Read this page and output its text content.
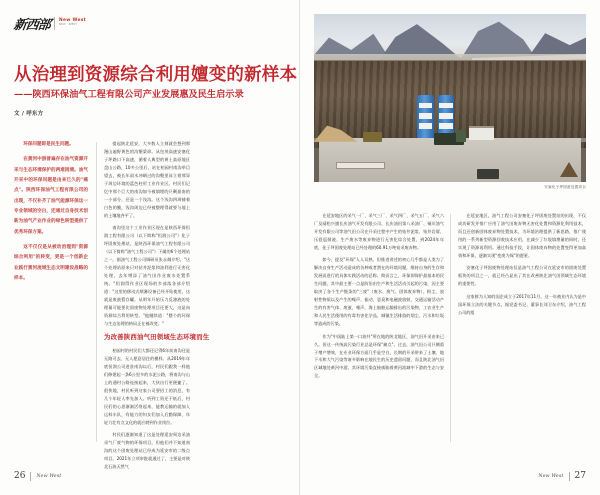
新西部 New West
NEW · WEST
从治理到资源综合利用嬗变的新样本

——陕西环保油气工程有限公司产业发展惠及民生启示录

文 / 呼东方

环保问题即是民生问题。

在黄河中游普遍存在油气资源开采与生态环境保护的两难困境。油气开采中的环保问题是由来已久的"痛点"。陕西环保油气工程有限公司的出现，不仅补齐了油气能源环保这一专业领域的空白，还通过自身技术创新为油气产业作业的绿色转型提供了优秀环保方案。

这不仅仅是从被动治理到"资源综合利用"的转变，更是一个创新企业践行黄河流域生态文明建设战略的样本。

提起陕北延安，大多数人立刻就会想到那漫山遍野黄色的沟壑梁峁。从包茂高速安塞化子坪路口下高速，循着人典型的黄土高原地区盘山公路，10多公里后，站在柏园村南沟举目望去，被长年雨水冲刷过的沟壑里耸立着那异于周边环境的蓝色柱形工业作业区。村民们记忆中那个巨大的南沟如今被填埋的只剩最南的一小部分，还是一个浅沟。这个浅沟四周铺着白色的膜，浅沟周边已经被整理得就要与地上的土壤地齐平了。

南沟里这个工业作业区现在是陕西环保恒润工程有限公司（以下简称"恒润公司"）化子坪固废处理站，是陕西环保油气工程有限公司（以下简称"油气工程公司"）下属的6个处理站之一。据油气工程公司调研员张永炯介绍，"这个处理站原来只对钻井泥浆和油利进行无害化处理，去年增添了油气田作业废水处置系统。"恒润得作业区现场的乡部落各部介绍道："这里的移动式喷淋设备已经开始使用，这就是废液暂存罐。从明年开始压力反渗液的处理量可能要比固废物处理项目还要大，这是向资源综合利用转型。"他继续道："整个的环保与生态治理的格局正在被改变。"

为改善陕西油气田领域生态环境而生

柏园村的村民们大都还记得6年前南沟还是无路可去、无人愿意居住的模样。从2019年年底恒润公司进驻南沟以后，村民们跟我一样他们修建起一条6公里多的水泥公路，将南沟与山上的通村公路连接起来，大伙出行更便捷了。很快地，村民听到这家公司要招工的消息，有几个年轻人率先加入。听到工资还不低后，村民们的心思渐渐活络起来，能教运输的就加入运料车队，有能力的妇女们加入后勤保障，年轻力壮有点文化的就应聘到作业岗位。

村民们逐渐知道了这是处理延安周边采油采气厂废气物的环保项目，但他们并不知道南沟的这个固废处理站已经成为延安市的二级点项目。2021年立项审批就通过了，主要是对陕北石油天然气

26 New West
安塞化子坪固废处置项目

在延安地区的采气一厂、采气三厂、采气四厂、采气五厂、采气六厂及靖松兴旗长庆油气开发有限公司、长庆油田第八采油厂、铜川油气开发有限公司等油气田公司在开采过程中产生的钻井泥浆、钻井岩屑、压裂返排液、生产废水等废弃物进行无害化综合处置，到2024年年底，化子坪固废处理站已经处理的60.91万吨钻采废弃物。

如今，提及"环保"人人耳熟。但推进讲述的初心几乎都是人类为了解决自身生产活动造成的各种或者潜在的环境问题，维持自身的生存和发展而进行的具体实践活动的总称。简而言之，环保即保护最基本的民生问题。其中最主要一点是防治由生产和生活活动引起的污染，因主要取决了各个生产链条的"三废"（废水、废气、固体废弃物）、粉尘、放射性物质以及产生的噪声、振动、恶臭和电磁波放射，交通运输活动产生的有害气体、废液、噪声，海上船舶运输排出的污染物，工农业生产和人民生活使用的有毒有害化学品，城镇生活排放的烟尘、污水和垃圾等造成的污染。

作为"中国陆上第一口油井"所在地的陕北地区，油气田开采由来已久。但这一传统高污染行业总是环保"痛点"。过去，油气田公司只侧重于增产增效，在专业环保方面几乎是空白，长期的开采带来了土壤、地下水和大气污染等诸多影响在地民生的历史遗留问题，而且陕北油气田区域地处黄河中游，其环境污染直接威胁着黄河流域中下游的生态与安全。

在延安地区，油气工程公司安塞化子坪固废处置站的出现，不仅成功研发并推广应用了油气田废弃物无害化处置和资源化利用技术，而且还创新固体废弃物处置技术，为环境治理提供了新思路，推广使用的一系列新型资源回收技术应用，在减少了垃圾填埋量的同时，还实现了资源再利用。通过科技手段，让固体废弃物的处置变得更加高效和环保，逐渐实现"变废为保"的愿景。

安塞化子坪固废物处理站仅是油气工程公司在延安市的固废处置板块的项目之一，就已经凸显出了其在改善陕北油气田领域生态环境的重要性。

这家鲜为人知的国企成立于2017年11月，这一年被业内认为是中国环保立法的关键节点。据党委书记、董事长刘卫东介绍，油气工程公司的组

New West 27
